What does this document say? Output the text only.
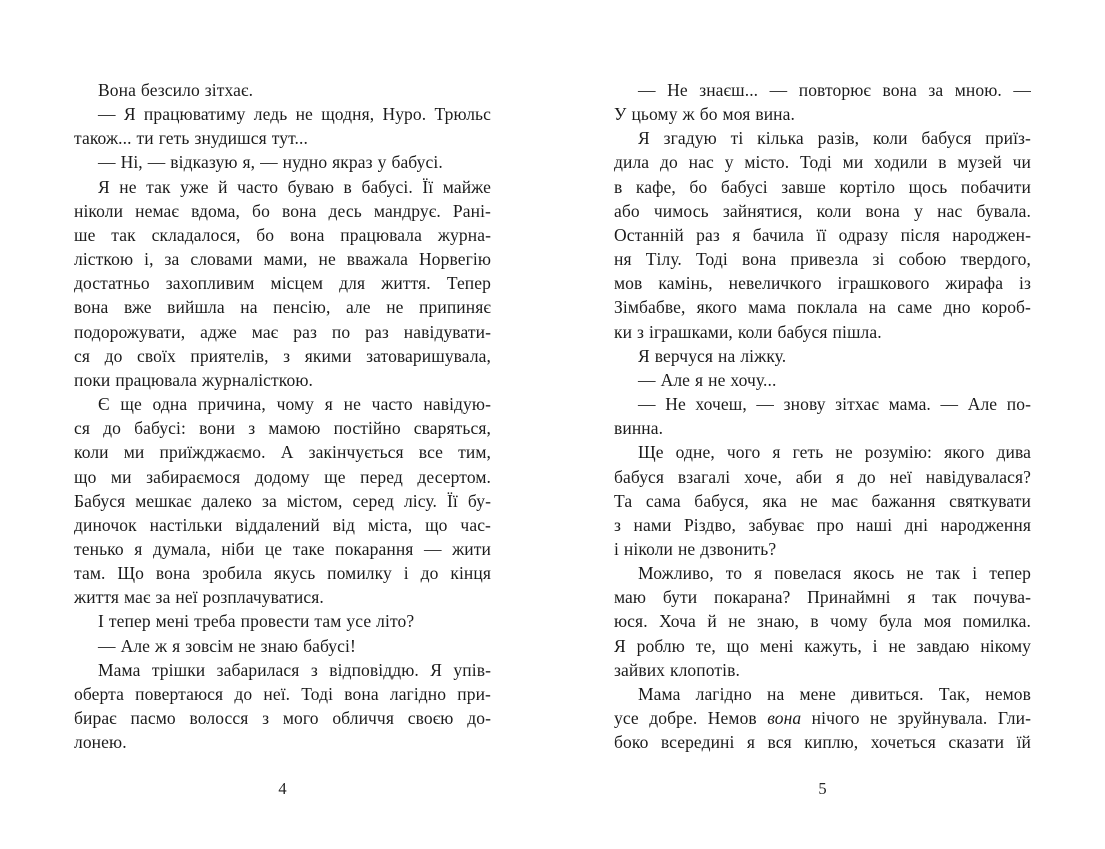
Вона безсило зітхає.
— Я працюватиму ледь не щодня, Нуро. Трюльс
також... ти геть знудишся тут...
— Ні, — відказую я, — нудно якраз у бабусі.
Я не так уже й часто буваю в бабусі. Її майже
ніколи немає вдома, бо вона десь мандрує. Рані-
ше так складалося, бо вона працювала журна-
лісткою і, за словами мами, не вважала Норвегію
достатньо захопливим місцем для життя. Тепер
вона вже вийшла на пенсію, але не припиняє
подорожувати, адже має раз по раз навідувати-
ся до своїх приятелів, з якими затоваришувала,
поки працювала журналісткою.
Є ще одна причина, чому я не часто навідую-
ся до бабусі: вони з мамою постійно сваряться,
коли ми приїжджаємо. А закінчується все тим,
що ми забираємося додому ще перед десертом.
Бабуся мешкає далеко за містом, серед лісу. Її бу-
диночок настільки віддалений від міста, що час-
тенько я думала, ніби це таке покарання — жити
там. Що вона зробила якусь помилку і до кінця
життя має за неї розплачуватися.
І тепер мені треба провести там усе літо?
— Але ж я зовсім не знаю бабусі!
Мама трішки забарилася з відповіддю. Я упів-
оберта повертаюся до неї. Тоді вона лагідно при-
бирає пасмо волосся з мого обличчя своєю до-
лонею.
4
— Не знаєш... — повторює вона за мною. —
У цьому ж бо моя вина.
Я згадую ті кілька разів, коли бабуся приїз-
дила до нас у місто. Тоді ми ходили в музей чи
в кафе, бо бабусі завше кортіло щось побачити
або чимось зайнятися, коли вона у нас бувала.
Останній раз я бачила її одразу після народжен-
ня Тілу. Тоді вона привезла зі собою твердого,
мов камінь, невеличкого іграшкового жирафа із
Зімбабве, якого мама поклала на саме дно короб-
ки з іграшками, коли бабуся пішла.
Я верчуся на ліжку.
— Але я не хочу...
— Не хочеш, — знову зітхає мама. — Але по-
винна.
Ще одне, чого я геть не розумію: якого дива
бабуся взагалі хоче, аби я до неї навідувалася?
Та сама бабуся, яка не має бажання святкувати
з нами Різдво, забуває про наші дні народження
і ніколи не дзвонить?
Можливо, то я повелася якось не так і тепер
маю бути покарана? Принаймні я так почува-
юся. Хоча й не знаю, в чому була моя помилка.
Я роблю те, що мені кажуть, і не завдаю нікому
зайвих клопотів.
Мама лагідно на мене дивиться. Так, немов
усе добре. Немов вона нічого не зруйнувала. Гли-
боко всередині я вся киплю, хочеться сказати їй
5
